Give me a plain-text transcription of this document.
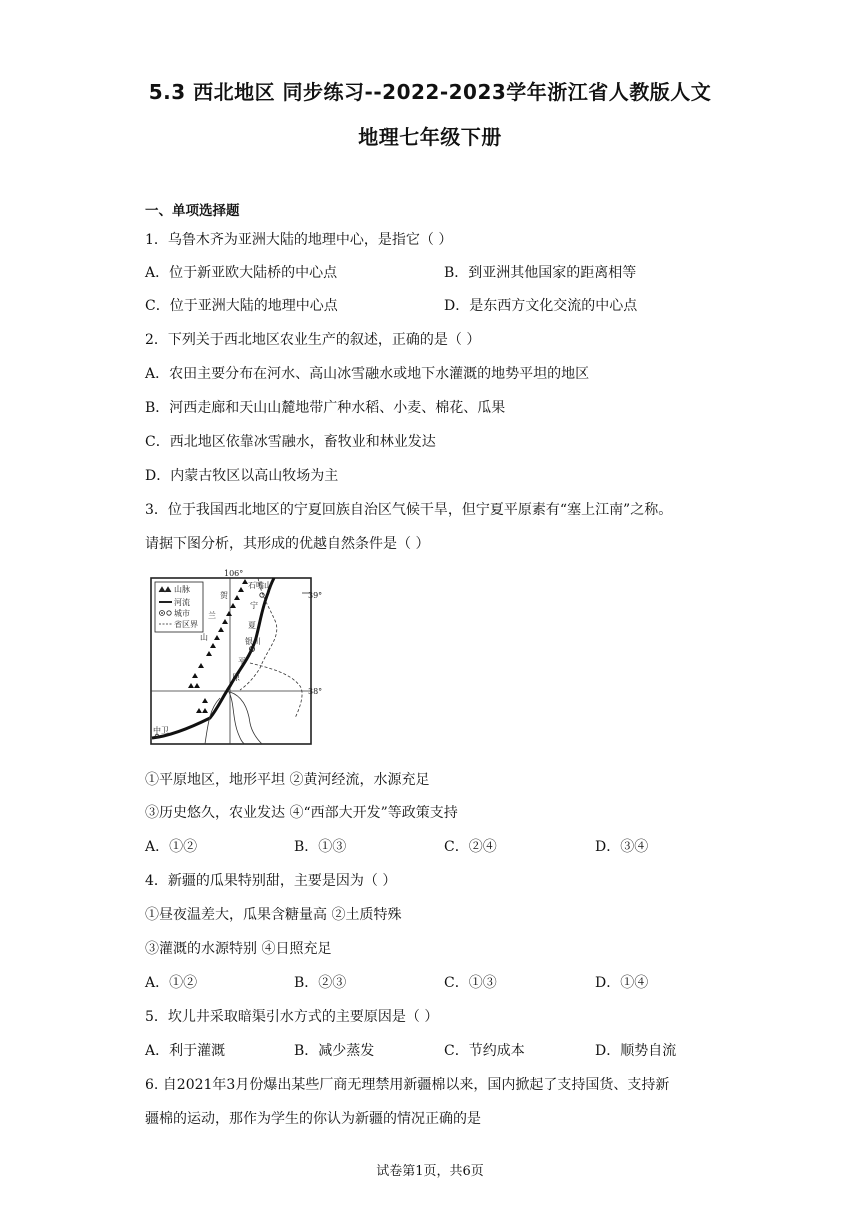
5.3 西北地区 同步练习--2022-2023学年浙江省人教版人文
地理七年级下册
一、单项选择题
1．乌鲁木齐为亚洲大陆的地理中心，是指它（ ）
A．位于新亚欧大陆桥的中心点	B．到亚洲其他国家的距离相等
C．位于亚洲大陆的地理中心点	D．是东西方文化交流的中心点
2．下列关于西北地区农业生产的叙述，正确的是（ ）
A．农田主要分布在河水、高山冰雪融水或地下水灌溉的地势平坦的地区
B．河西走廊和天山山麓地带广种水稻、小麦、棉花、瓜果
C．西北地区依靠冰雪融水，畜牧业和林业发达
D．内蒙古牧区以高山牧场为主
3．位于我国西北地区的宁夏回族自治区气候干旱，但宁夏平原素有“塞上江南”之称。
请据下图分析，其形成的优越自然条件是（ ）
106°
39°
38°
山脉
河流
城市
省区界
石嘴山
银川
中卫
贺
兰
山
宁
夏
平
原
①平原地区，地形平坦 ②黄河经流，水源充足
③历史悠久，农业发达 ④“西部大开发”等政策支持
A．①②	B．①③	C．②④	D．③④
4．新疆的瓜果特别甜，主要是因为（ ）
①昼夜温差大，瓜果含糖量高 ②土质特殊
③灌溉的水源特别 ④日照充足
A．①②	B．②③	C．①③	D．①④
5．坎儿井采取暗渠引水方式的主要原因是（ ）
A．利于灌溉	B．减少蒸发	C．节约成本	D．顺势自流
6. 自2021年3月份爆出某些厂商无理禁用新疆棉以来，国内掀起了支持国货、支持新
疆棉的运动，那作为学生的你认为新疆的情况正确的是
试卷第1页，共6页
